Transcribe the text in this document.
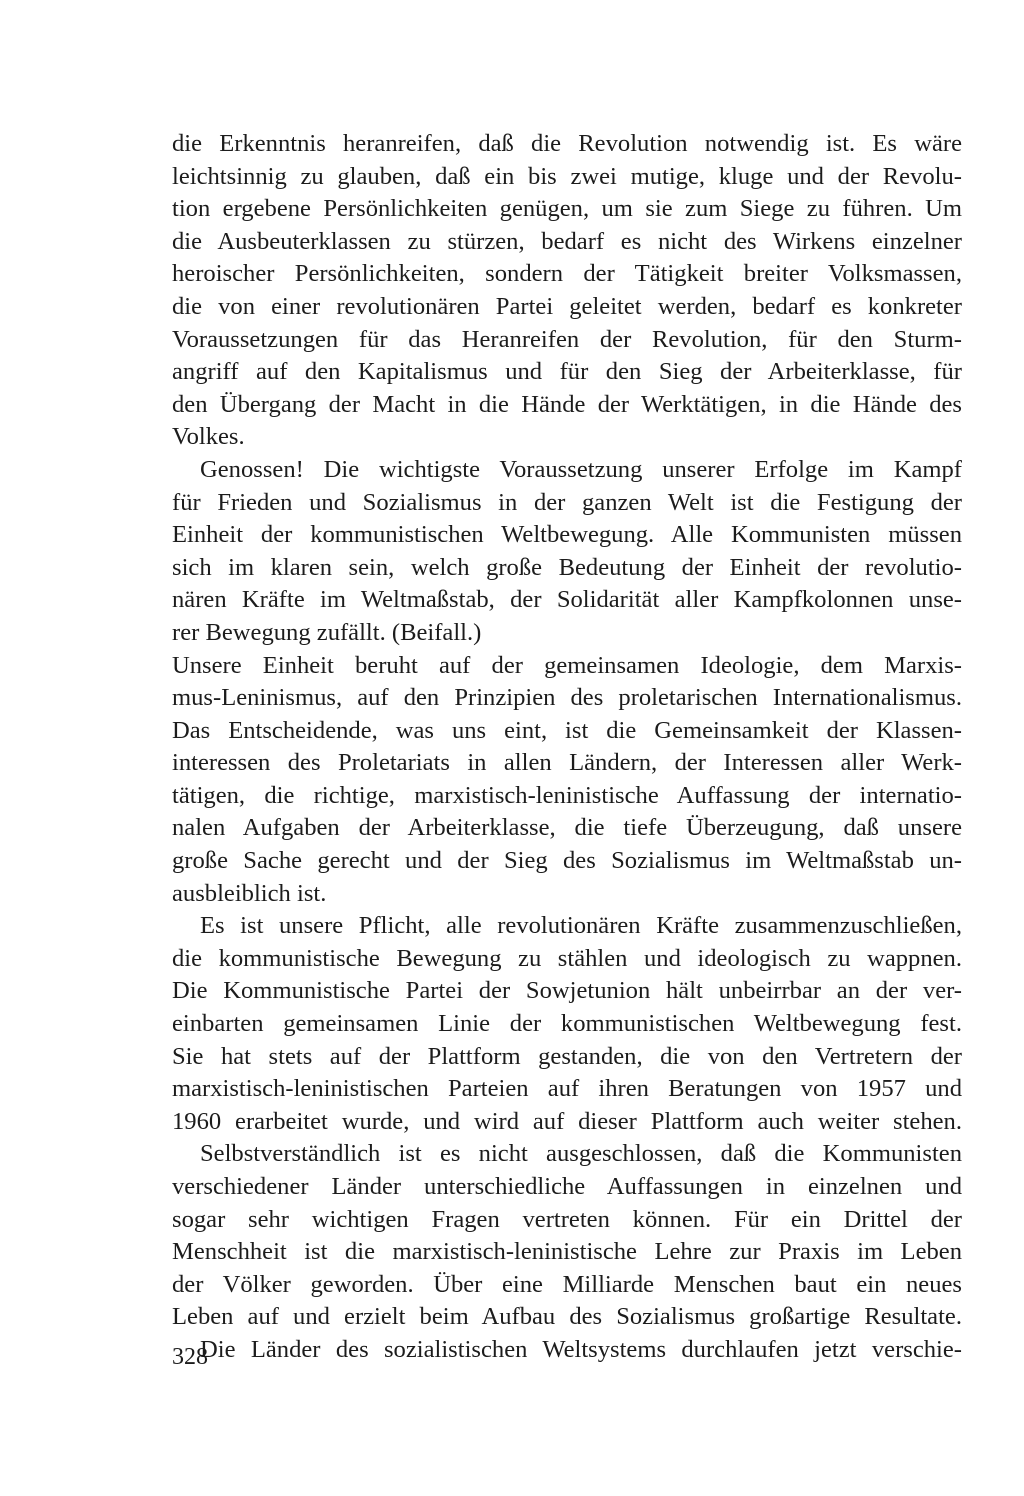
die Erkenntnis heranreifen, daß die Revolution notwendig ist. Es wäre
leichtsinnig zu glauben, daß ein bis zwei mutige, kluge und der Revolu-
tion ergebene Persönlichkeiten genügen, um sie zum Siege zu führen. Um
die Ausbeuterklassen zu stürzen, bedarf es nicht des Wirkens einzelner
heroischer Persönlichkeiten, sondern der Tätigkeit breiter Volksmassen,
die von einer revolutionären Partei geleitet werden, bedarf es konkreter
Voraussetzungen für das Heranreifen der Revolution, für den Sturm-
angriff auf den Kapitalismus und für den Sieg der Arbeiterklasse, für
den Übergang der Macht in die Hände der Werktätigen, in die Hände des
Volkes.
Genossen! Die wichtigste Voraussetzung unserer Erfolge im Kampf
für Frieden und Sozialismus in der ganzen Welt ist die Festigung der
Einheit der kommunistischen Weltbewegung. Alle Kommunisten müssen
sich im klaren sein, welch große Bedeutung der Einheit der revolutio-
nären Kräfte im Weltmaßstab, der Solidarität aller Kampfkolonnen unse-
rer Bewegung zufällt. (Beifall.)
Unsere Einheit beruht auf der gemeinsamen Ideologie, dem Marxis-
mus-Leninismus, auf den Prinzipien des proletarischen Internationalismus.
Das Entscheidende, was uns eint, ist die Gemeinsamkeit der Klassen-
interessen des Proletariats in allen Ländern, der Interessen aller Werk-
tätigen, die richtige, marxistisch-leninistische Auffassung der internatio-
nalen Aufgaben der Arbeiterklasse, die tiefe Überzeugung, daß unsere
große Sache gerecht und der Sieg des Sozialismus im Weltmaßstab un-
ausbleiblich ist.
Es ist unsere Pflicht, alle revolutionären Kräfte zusammenzuschließen,
die kommunistische Bewegung zu stählen und ideologisch zu wappnen.
Die Kommunistische Partei der Sowjetunion hält unbeirrbar an der ver-
einbarten gemeinsamen Linie der kommunistischen Weltbewegung fest.
Sie hat stets auf der Plattform gestanden, die von den Vertretern der
marxistisch-leninistischen Parteien auf ihren Beratungen von 1957 und
1960 erarbeitet wurde, und wird auf dieser Plattform auch weiter stehen.
Selbstverständlich ist es nicht ausgeschlossen, daß die Kommunisten
verschiedener Länder unterschiedliche Auffassungen in einzelnen und
sogar sehr wichtigen Fragen vertreten können. Für ein Drittel der
Menschheit ist die marxistisch-leninistische Lehre zur Praxis im Leben
der Völker geworden. Über eine Milliarde Menschen baut ein neues
Leben auf und erzielt beim Aufbau des Sozialismus großartige Resultate.
Die Länder des sozialistischen Weltsystems durchlaufen jetzt verschie-
328
